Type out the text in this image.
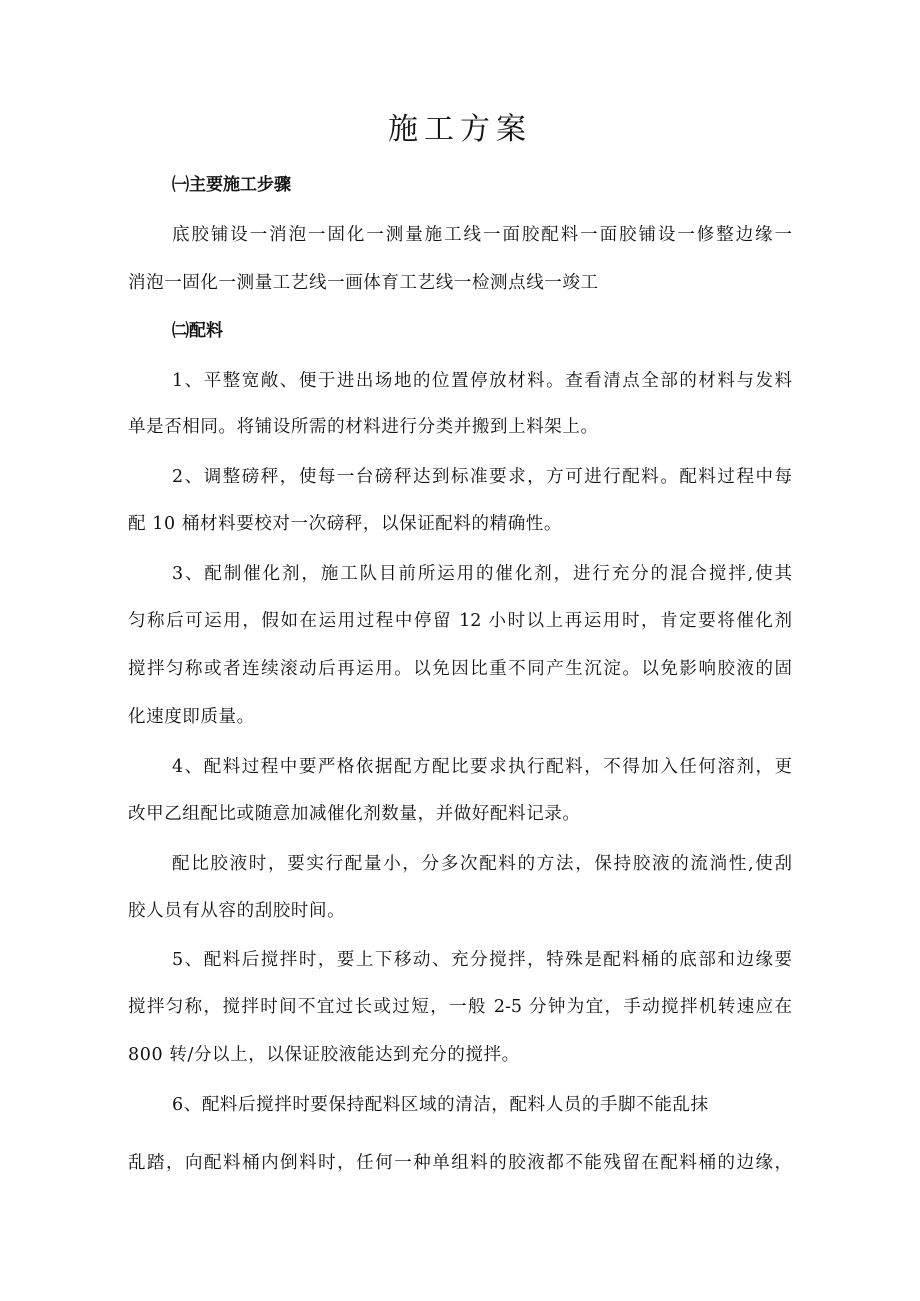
施工方案
㈠主要施工步骤
底胶铺设一消泡一固化一测量施工线一面胶配料一面胶铺设一修整边缘一
消泡一固化一测量工艺线一画体育工艺线一检测点线一竣工
㈡配料
1、平整宽敞、便于进出场地的位置停放材料。查看清点全部的材料与发料
单是否相同。将铺设所需的材料进行分类并搬到上料架上。
2、调整磅秤，使每一台磅秤达到标准要求，方可进行配料。配料过程中每
配 10 桶材料要校对一次磅秤，以保证配料的精确性。
3、配制催化剂，施工队目前所运用的催化剂，进行充分的混合搅拌,使其
匀称后可运用，假如在运用过程中停留 12 小时以上再运用时，肯定要将催化剂
搅拌匀称或者连续滚动后再运用。以免因比重不同产生沉淀。以免影响胶液的固
化速度即质量。
4、配料过程中要严格依据配方配比要求执行配料，不得加入任何溶剂，更
改甲乙组配比或随意加减催化剂数量，并做好配料记录。
配比胶液时，要实行配量小，分多次配料的方法，保持胶液的流淌性,使刮
胶人员有从容的刮胶时间。
5、配料后搅拌时，要上下移动、充分搅拌，特殊是配料桶的底部和边缘要
搅拌匀称，搅拌时间不宜过长或过短，一般 2-5 分钟为宜，手动搅拌机转速应在
800 转/分以上，以保证胶液能达到充分的搅拌。
6、配料后搅拌时要保持配料区域的清洁，配料人员的手脚不能乱抹
乱踏，向配料桶内倒料时，任何一种单组料的胶液都不能残留在配料桶的边缘，
